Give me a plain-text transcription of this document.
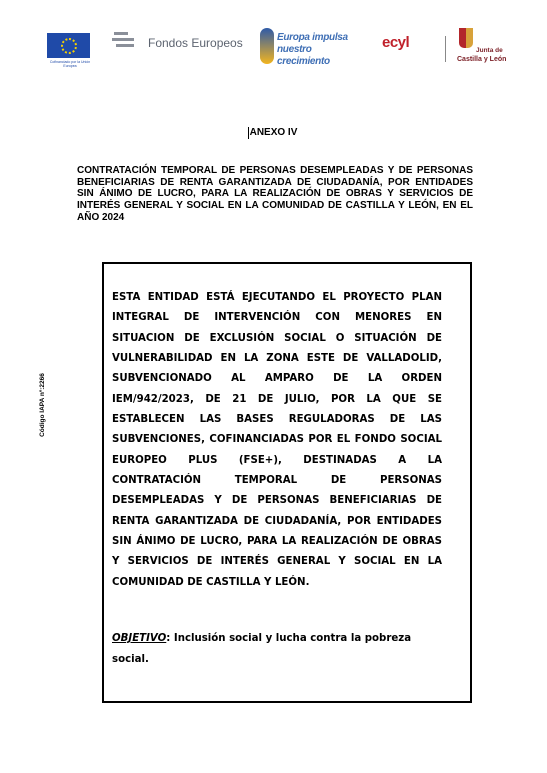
Cofinanciado por la Unión Europea
Fondos Europeos	Europa impulsa
nuestro crecimiento
ecyl	Junta de
Castilla y León
Código IAPA nº:2266
ANEXO IV
CONTRATACIÓN TEMPORAL DE PERSONAS DESEMPLEADAS Y DE PERSONAS BENEFICIARIAS DE RENTA GARANTIZADA DE CIUDADANÍA, POR ENTIDADES SIN ÁNIMO DE LUCRO, PARA LA REALIZACIÓN DE OBRAS Y SERVICIOS DE INTERÉS GENERAL Y SOCIAL EN LA COMUNIDAD DE CASTILLA Y LEÓN, EN EL AÑO 2024
ESTA ENTIDAD ESTÁ EJECUTANDO EL PROYECTO PLAN INTEGRAL DE INTERVENCIÓN CON MENORES EN SITUACION DE EXCLUSIÓN SOCIAL O SITUACIÓN DE VULNERABILIDAD EN LA ZONA ESTE DE VALLADOLID, SUBVENCIONADO AL AMPARO DE LA ORDEN IEM/942/2023, DE 21 DE JULIO, POR LA QUE SE ESTABLECEN LAS BASES REGULADORAS DE LAS SUBVENCIONES, COFINANCIADAS POR EL FONDO SOCIAL EUROPEO PLUS (FSE+), DESTINADAS A LA CONTRATACIÓN TEMPORAL DE PERSONAS DESEMPLEADAS Y DE PERSONAS BENEFICIARIAS DE RENTA GARANTIZADA DE CIUDADANÍA, POR ENTIDADES SIN ÁNIMO DE LUCRO, PARA LA REALIZACIÓN DE OBRAS Y SERVICIOS DE INTERÉS GENERAL Y SOCIAL EN LA COMUNIDAD DE CASTILLA Y LEÓN.
OBJETIVO: Inclusión social y lucha contra la pobreza social.
